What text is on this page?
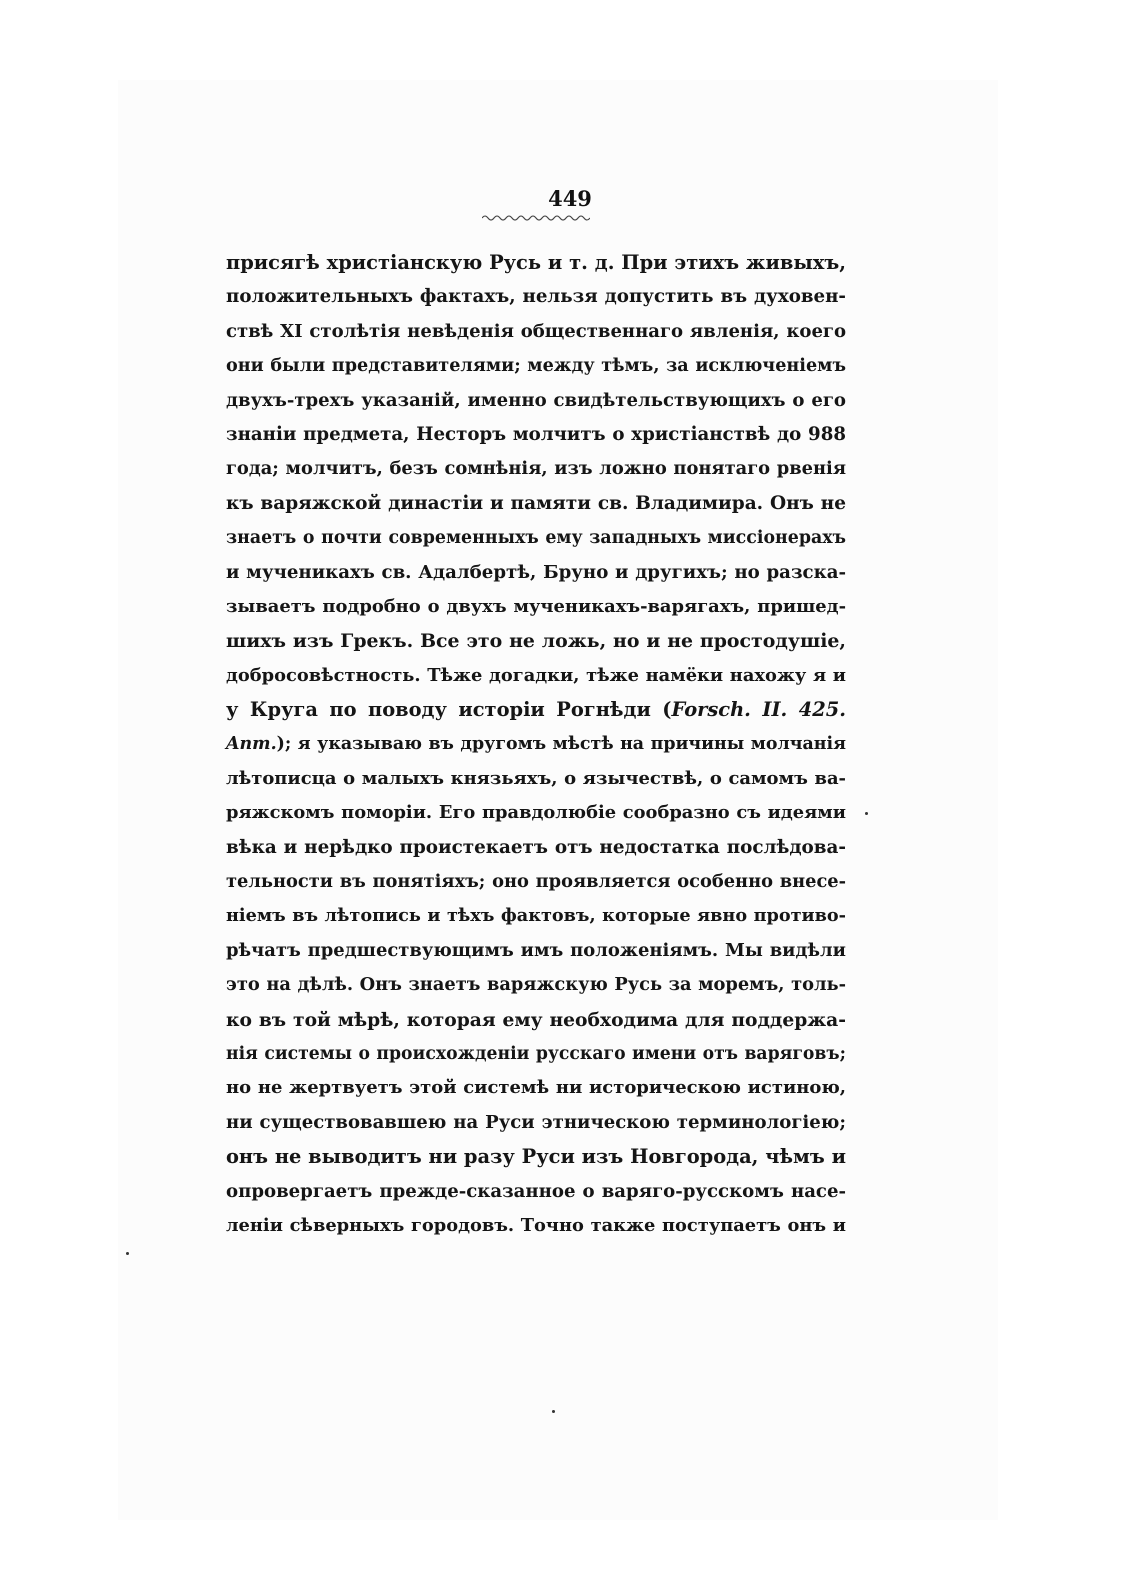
449
присягѣ христіанскую Русь и т. д. При этихъ живыхъ,
положительныхъ фактахъ, нельзя допустить въ духовен-
ствѣ XI столѣтія невѣденія общественнаго явленія, коего
они были представителями; между тѣмъ, за исключеніемъ
двухъ-трехъ указаній, именно свидѣтельствующихъ о его
знаніи предмета, Несторъ молчитъ о христіанствѣ до 988
года; молчитъ, безъ сомнѣнія, изъ ложно понятаго рвенія
къ варяжской династіи и памяти св. Владимира. Онъ не
знаетъ о почти современныхъ ему западныхъ миссіонерахъ
и мученикахъ св. Адалбертѣ, Бруно и другихъ; но разска-
зываетъ подробно о двухъ мученикахъ-варягахъ, пришед-
шихъ изъ Грекъ. Все это не ложь, но и не простодушіе,
добросовѣстность. Тѣже догадки, тѣже намёки нахожу я и
у Круга по поводу исторіи Рогнѣди (Forsch. II. 425.
Anm.); я указываю въ другомъ мѣстѣ на причины молчанія
лѣтописца о малыхъ князьяхъ, о язычествѣ, о самомъ ва-
ряжскомъ поморіи. Его правдолюбіе сообразно съ идеями
вѣка и нерѣдко проистекаетъ отъ недостатка послѣдова-
тельности въ понятіяхъ; оно проявляется особенно внесе-
ніемъ въ лѣтопись и тѣхъ фактовъ, которые явно противо-
рѣчатъ предшествующимъ имъ положеніямъ. Мы видѣли
это на дѣлѣ. Онъ знаетъ варяжскую Русь за моремъ, толь-
ко въ той мѣрѣ, которая ему необходима для поддержа-
нія системы о происхожденіи русскаго имени отъ варяговъ;
но не жертвуетъ этой системѣ ни историческою истиною,
ни существовавшею на Руси этническою терминологіею;
онъ не выводитъ ни разу Руси изъ Новгорода, чѣмъ и
опровергаетъ прежде-сказанное о варяго-русскомъ насе-
леніи сѣверныхъ городовъ. Точно также поступаетъ онъ и
